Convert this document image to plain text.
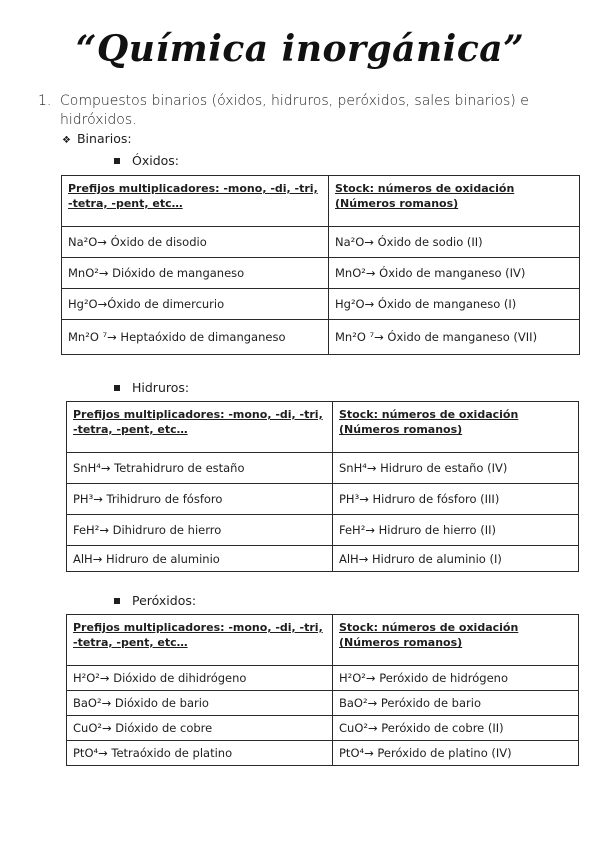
“Química inorgánica”
1. Compuestos binarios (óxidos, hidruros, peróxidos, sales binarios) e hidróxidos.
❖ Binarios:
Óxidos:
Prefijos multiplicadores: -mono, -di, -tri, -tetra, -pent, etc…	Stock: números de oxidación (Números romanos)
Na²O→ Óxido de disodio	Na²O→ Óxido de sodio (II)
MnO²→ Dióxido de manganeso	MnO²→ Óxido de manganeso (IV)
Hg²O→Óxido de dimercurio	Hg²O→ Óxido de manganeso (I)
Mn²O ⁷→ Heptaóxido de dimanganeso	Mn²O ⁷→ Óxido de manganeso (VII)
Hidruros:
Prefijos multiplicadores: -mono, -di, -tri, -tetra, -pent, etc…	Stock: números de oxidación (Números romanos)
SnH⁴→ Tetrahidruro de estaño	SnH⁴→ Hidruro de estaño (IV)
PH³→ Trihidruro de fósforo	PH³→ Hidruro de fósforo (III)
FeH²→ Dihidruro de hierro	FeH²→ Hidruro de hierro (II)
AlH→ Hidruro de aluminio	AlH→ Hidruro de aluminio (I)
Peróxidos:
Prefijos multiplicadores: -mono, -di, -tri, -tetra, -pent, etc…	Stock: números de oxidación (Números romanos)
H²O²→ Dióxido de dihidrógeno	H²O²→ Peróxido de hidrógeno
BaO²→ Dióxido de bario	BaO²→ Peróxido de bario
CuO²→ Dióxido de cobre	CuO²→ Peróxido de cobre (II)
PtO⁴→ Tetraóxido de platino	PtO⁴→ Peróxido de platino (IV)
